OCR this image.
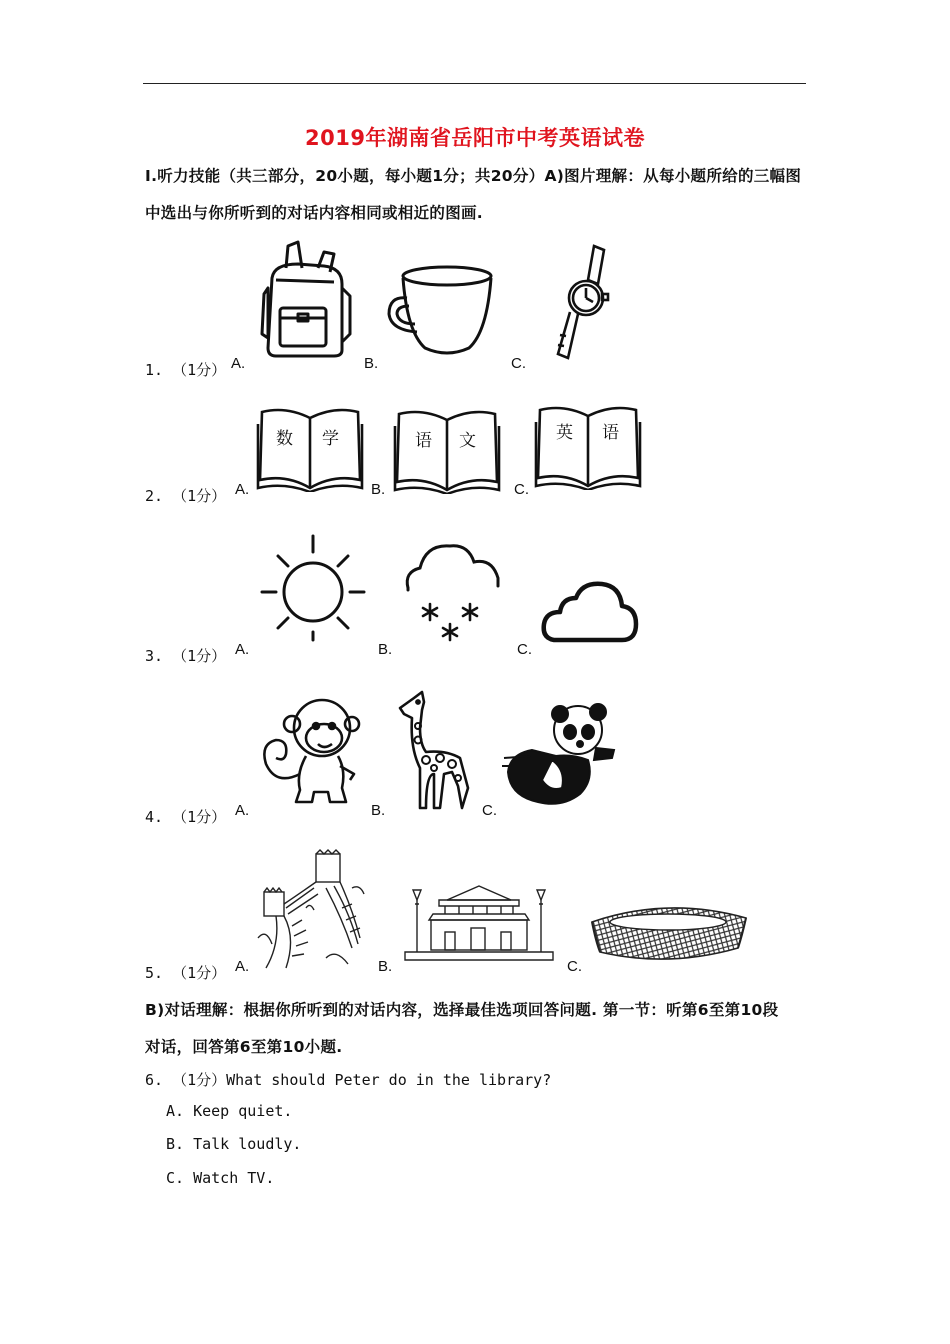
2019年湖南省岳阳市中考英语试卷
I.听力技能（共三部分，20小题，每小题1分；共20分）A)图片理解：从每小题所给的三幅图
中选出与你所听到的对话内容相同或相近的图画.
1. （1分） A.	B.	C.
2. （1分） A.	B.	C.
数 学	语 文	英 语
3. （1分） A.	B.	C.
4. （1分） A.	B.	C.
5. （1分） A.	B.	C.
B)对话理解：根据你所听到的对话内容，选择最佳选项回答问题. 第一节：听第6至第10段
对话，回答第6至第10小题.
6. （1分）What should Peter do in the library?
A. Keep quiet.
B. Talk loudly.
C. Watch TV.
